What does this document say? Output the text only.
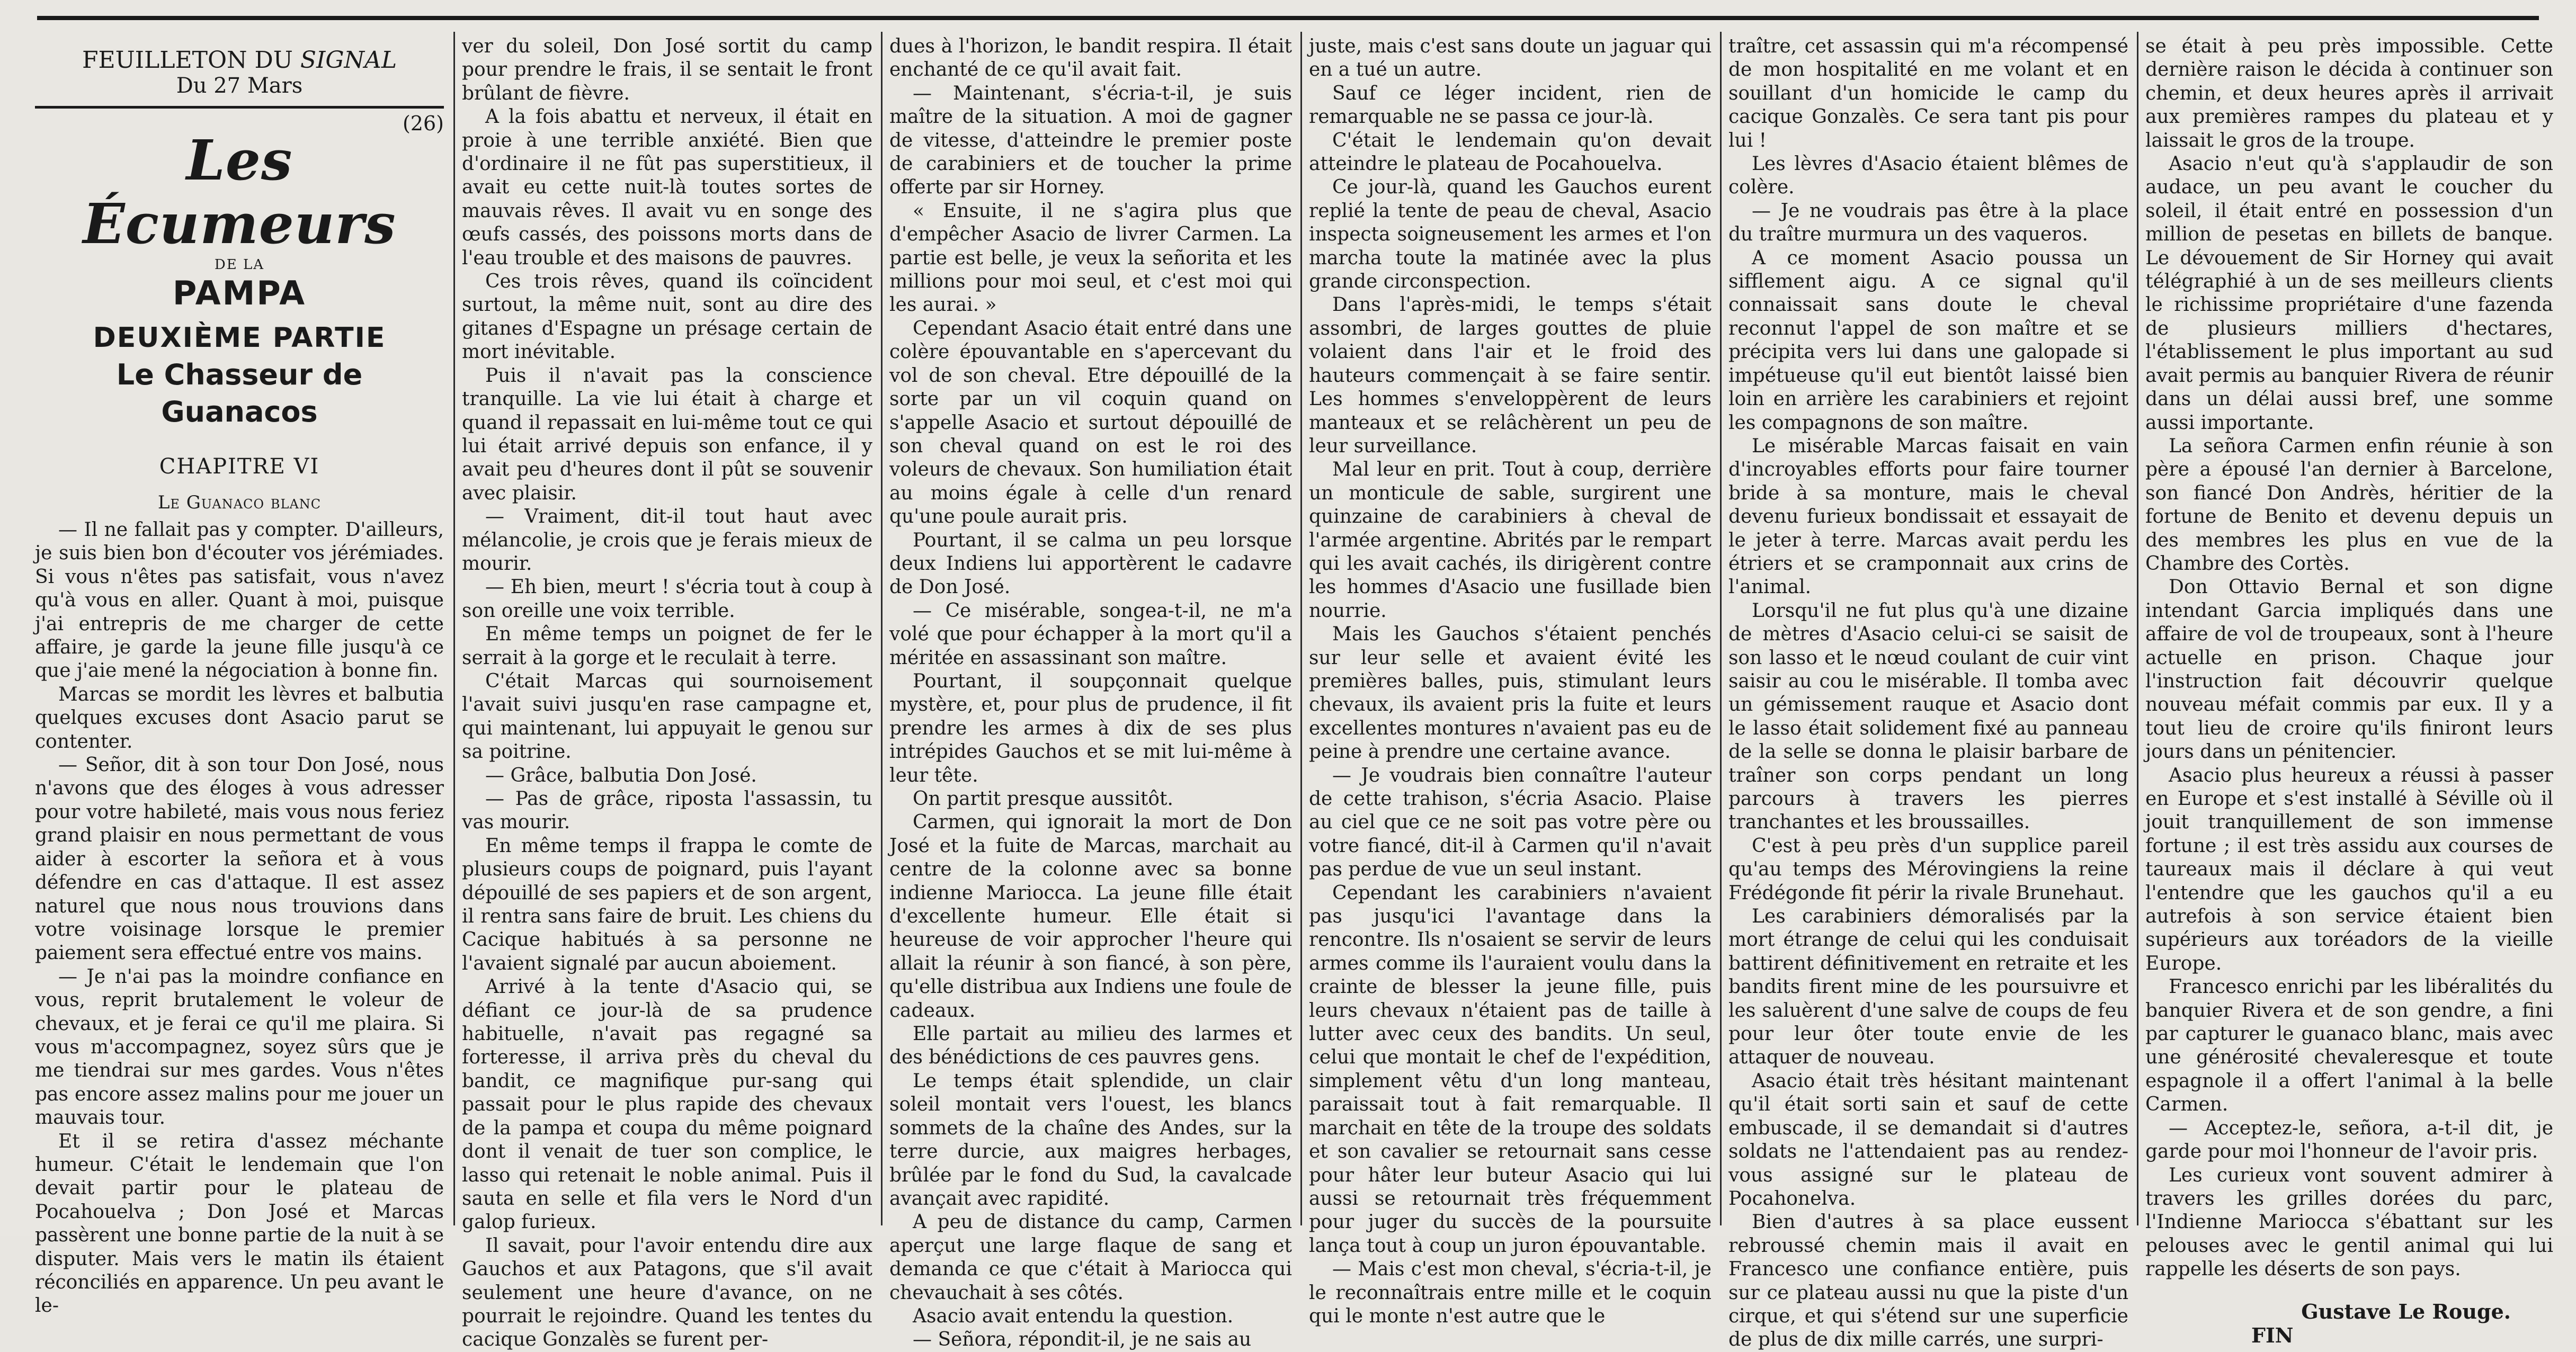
FEUILLETON DU SIGNAL
Du 27 Mars
(26)
Les Écumeurs
DE LA
PAMPA
DEUXIÈME PARTIE
Le Chasseur de Guanacos
CHAPITRE VI
Le Guanaco blanc

— Il ne fallait pas y compter. D'ailleurs, je suis bien bon d'écouter vos jérémiades. Si vous n'êtes pas satisfait, vous n'avez qu'à vous en aller. Quant à moi, puisque j'ai entrepris de me charger de cette affaire, je garde la jeune fille jusqu'à ce que j'aie mené la négociation à bonne fin.

Marcas se mordit les lèvres et balbutia quelques excuses dont Asacio parut se contenter.

— Señor, dit à son tour Don José, nous n'avons que des éloges à vous adresser pour votre habileté, mais vous nous feriez grand plaisir en nous permettant de vous aider à escorter la señora et à vous défendre en cas d'attaque. Il est assez naturel que nous nous trouvions dans votre voisinage lorsque le premier paiement sera effectué entre vos mains.

— Je n'ai pas la moindre confiance en vous, reprit brutalement le voleur de chevaux, et je ferai ce qu'il me plaira. Si vous m'accompagnez, soyez sûrs que je me tiendrai sur mes gardes. Vous n'êtes pas encore assez malins pour me jouer un mauvais tour.

Et il se retira d'assez méchante humeur. C'était le lendemain que l'on devait partir pour le plateau de Pocahouelva ; Don José et Marcas passèrent une bonne partie de la nuit à se disputer. Mais vers le matin ils étaient réconciliés en apparence. Un peu avant le le-

ver du soleil, Don José sortit du camp pour prendre le frais, il se sentait le front brûlant de fièvre.

A la fois abattu et nerveux, il était en proie à une terrible anxiété. Bien que d'ordinaire il ne fût pas superstitieux, il avait eu cette nuit-là toutes sortes de mauvais rêves. Il avait vu en songe des œufs cassés, des poissons morts dans de l'eau trouble et des maisons de pauvres.

Ces trois rêves, quand ils coïncident surtout, la même nuit, sont au dire des gitanes d'Espagne un présage certain de mort inévitable.

Puis il n'avait pas la conscience tranquille. La vie lui était à charge et quand il repassait en lui-même tout ce qui lui était arrivé depuis son enfance, il y avait peu d'heures dont il pût se souvenir avec plaisir.

— Vraiment, dit-il tout haut avec mélancolie, je crois que je ferais mieux de mourir.

— Eh bien, meurt ! s'écria tout à coup à son oreille une voix terrible.

En même temps un poignet de fer le serrait à la gorge et le reculait à terre.

C'était Marcas qui sournoisement l'avait suivi jusqu'en rase campagne et, qui maintenant, lui appuyait le genou sur sa poitrine.

— Grâce, balbutia Don José.

— Pas de grâce, riposta l'assassin, tu vas mourir.

En même temps il frappa le comte de plusieurs coups de poignard, puis l'ayant dépouillé de ses papiers et de son argent, il rentra sans faire de bruit. Les chiens du Cacique habitués à sa personne ne l'avaient signalé par aucun aboiement.

Arrivé à la tente d'Asacio qui, se défiant ce jour-là de sa prudence habituelle, n'avait pas regagné sa forteresse, il arriva près du cheval du bandit, ce magnifique pur-sang qui passait pour le plus rapide des chevaux de la pampa et coupa du même poignard dont il venait de tuer son complice, le lasso qui retenait le noble animal. Puis il sauta en selle et fila vers le Nord d'un galop furieux.

Il savait, pour l'avoir entendu dire aux Gauchos et aux Patagons, que s'il avait seulement une heure d'avance, on ne pourrait le rejoindre. Quand les tentes du cacique Gonzalès se furent per-

dues à l'horizon, le bandit respira. Il était enchanté de ce qu'il avait fait.

— Maintenant, s'écria-t-il, je suis maître de la situation. A moi de gagner de vitesse, d'atteindre le premier poste de carabiniers et de toucher la prime offerte par sir Horney.

« Ensuite, il ne s'agira plus que d'empêcher Asacio de livrer Carmen. La partie est belle, je veux la señorita et les millions pour moi seul, et c'est moi qui les aurai. »

Cependant Asacio était entré dans une colère épouvantable en s'apercevant du vol de son cheval. Etre dépouillé de la sorte par un vil coquin quand on s'appelle Asacio et surtout dépouillé de son cheval quand on est le roi des voleurs de chevaux. Son humiliation était au moins égale à celle d'un renard qu'une poule aurait pris.

Pourtant, il se calma un peu lorsque deux Indiens lui apportèrent le cadavre de Don José.

— Ce misérable, songea-t-il, ne m'a volé que pour échapper à la mort qu'il a méritée en assassinant son maître.

Pourtant, il soupçonnait quelque mystère, et, pour plus de prudence, il fit prendre les armes à dix de ses plus intrépides Gauchos et se mit lui-même à leur tête.

On partit presque aussitôt.

Carmen, qui ignorait la mort de Don José et la fuite de Marcas, marchait au centre de la colonne avec sa bonne indienne Mariocca. La jeune fille était d'excellente humeur. Elle était si heureuse de voir approcher l'heure qui allait la réunir à son fiancé, à son père, qu'elle distribua aux Indiens une foule de cadeaux.

Elle partait au milieu des larmes et des bénédictions de ces pauvres gens.

Le temps était splendide, un clair soleil montait vers l'ouest, les blancs sommets de la chaîne des Andes, sur la terre durcie, aux maigres herbages, brûlée par le fond du Sud, la cavalcade avançait avec rapidité.

A peu de distance du camp, Carmen aperçut une large flaque de sang et demanda ce que c'était à Mariocca qui chevauchait à ses côtés.

Asacio avait entendu la question.

— Señora, répondit-il, je ne sais au

juste, mais c'est sans doute un jaguar qui en a tué un autre.

Sauf ce léger incident, rien de remarquable ne se passa ce jour-là.

C'était le lendemain qu'on devait atteindre le plateau de Pocahouelva.

Ce jour-là, quand les Gauchos eurent replié la tente de peau de cheval, Asacio inspecta soigneusement les armes et l'on marcha toute la matinée avec la plus grande circonspection.

Dans l'après-midi, le temps s'était assombri, de larges gouttes de pluie volaient dans l'air et le froid des hauteurs commençait à se faire sentir. Les hommes s'enveloppèrent de leurs manteaux et se relâchèrent un peu de leur surveillance.

Mal leur en prit. Tout à coup, derrière un monticule de sable, surgirent une quinzaine de carabiniers à cheval de l'armée argentine. Abrités par le rempart qui les avait cachés, ils dirigèrent contre les hommes d'Asacio une fusillade bien nourrie.

Mais les Gauchos s'étaient penchés sur leur selle et avaient évité les premières balles, puis, stimulant leurs chevaux, ils avaient pris la fuite et leurs excellentes montures n'avaient pas eu de peine à prendre une certaine avance.

— Je voudrais bien connaître l'auteur de cette trahison, s'écria Asacio. Plaise au ciel que ce ne soit pas votre père ou votre fiancé, dit-il à Carmen qu'il n'avait pas perdue de vue un seul instant.

Cependant les carabiniers n'avaient pas jusqu'ici l'avantage dans la rencontre. Ils n'osaient se servir de leurs armes comme ils l'auraient voulu dans la crainte de blesser la jeune fille, puis leurs chevaux n'étaient pas de taille à lutter avec ceux des bandits. Un seul, celui que montait le chef de l'expédition, simplement vêtu d'un long manteau, paraissait tout à fait remarquable. Il marchait en tête de la troupe des soldats et son cavalier se retournait sans cesse pour hâter leur buteur Asacio qui lui aussi se retournait très fréquemment pour juger du succès de la poursuite lança tout à coup un juron épouvantable.

— Mais c'est mon cheval, s'écria-t-il, je le reconnaîtrais entre mille et le coquin qui le monte n'est autre que le

traître, cet assassin qui m'a récompensé de mon hospitalité en me volant et en souillant d'un homicide le camp du cacique Gonzalès. Ce sera tant pis pour lui !

Les lèvres d'Asacio étaient blêmes de colère.

— Je ne voudrais pas être à la place du traître murmura un des vaqueros.

A ce moment Asacio poussa un sifflement aigu. A ce signal qu'il connaissait sans doute le cheval reconnut l'appel de son maître et se précipita vers lui dans une galopade si impétueuse qu'il eut bientôt laissé bien loin en arrière les carabiniers et rejoint les compagnons de son maître.

Le misérable Marcas faisait en vain d'incroyables efforts pour faire tourner bride à sa monture, mais le cheval devenu furieux bondissait et essayait de le jeter à terre. Marcas avait perdu les étriers et se cramponnait aux crins de l'animal.

Lorsqu'il ne fut plus qu'à une dizaine de mètres d'Asacio celui-ci se saisit de son lasso et le nœud coulant de cuir vint saisir au cou le misérable. Il tomba avec un gémissement rauque et Asacio dont le lasso était solidement fixé au panneau de la selle se donna le plaisir barbare de traîner son corps pendant un long parcours à travers les pierres tranchantes et les broussailles.

C'est à peu près d'un supplice pareil qu'au temps des Mérovingiens la reine Frédégonde fit périr la rivale Brunehaut.

Les carabiniers démoralisés par la mort étrange de celui qui les conduisait battirent définitivement en retraite et les bandits firent mine de les poursuivre et les saluèrent d'une salve de coups de feu pour leur ôter toute envie de les attaquer de nouveau.

Asacio était très hésitant maintenant qu'il était sorti sain et sauf de cette embuscade, il se demandait si d'autres soldats ne l'attendaient pas au rendez-vous assigné sur le plateau de Pocahonelva.

Bien d'autres à sa place eussent rebroussé chemin mais il avait en Francesco une confiance entière, puis sur ce plateau aussi nu que la piste d'un cirque, et qui s'étend sur une superficie de plus de dix mille carrés, une surpri-

se était à peu près impossible. Cette dernière raison le décida à continuer son chemin, et deux heures après il arrivait aux premières rampes du plateau et y laissait le gros de la troupe.

Asacio n'eut qu'à s'applaudir de son audace, un peu avant le coucher du soleil, il était entré en possession d'un million de pesetas en billets de banque. Le dévouement de Sir Horney qui avait télégraphié à un de ses meilleurs clients le richissime propriétaire d'une fazenda de plusieurs milliers d'hectares, l'établissement le plus important au sud avait permis au banquier Rivera de réunir dans un délai aussi bref, une somme aussi importante.

La señora Carmen enfin réunie à son père a épousé l'an dernier à Barcelone, son fiancé Don Andrès, héritier de la fortune de Benito et devenu depuis un des membres les plus en vue de la Chambre des Cortès.

Don Ottavio Bernal et son digne intendant Garcia impliqués dans une affaire de vol de troupeaux, sont à l'heure actuelle en prison. Chaque jour l'instruction fait découvrir quelque nouveau méfait commis par eux. Il y a tout lieu de croire qu'ils finiront leurs jours dans un pénitencier.

Asacio plus heureux a réussi à passer en Europe et s'est installé à Séville où il jouit tranquillement de son immense fortune ; il est très assidu aux courses de taureaux mais il déclare à qui veut l'entendre que les gauchos qu'il a eu autrefois à son service étaient bien supérieurs aux toréadors de la vieille Europe.

Francesco enrichi par les libéralités du banquier Rivera et de son gendre, a fini par capturer le guanaco blanc, mais avec une générosité chevaleresque et toute espagnole il a offert l'animal à la belle Carmen.

— Acceptez-le, señora, a-t-il dit, je garde pour moi l'honneur de l'avoir pris.

Les curieux vont souvent admirer à travers les grilles dorées du parc, l'Indienne Mariocca s'ébattant sur les pelouses avec le gentil animal qui lui rappelle les déserts de son pays.

Gustave Le Rouge.
FIN
